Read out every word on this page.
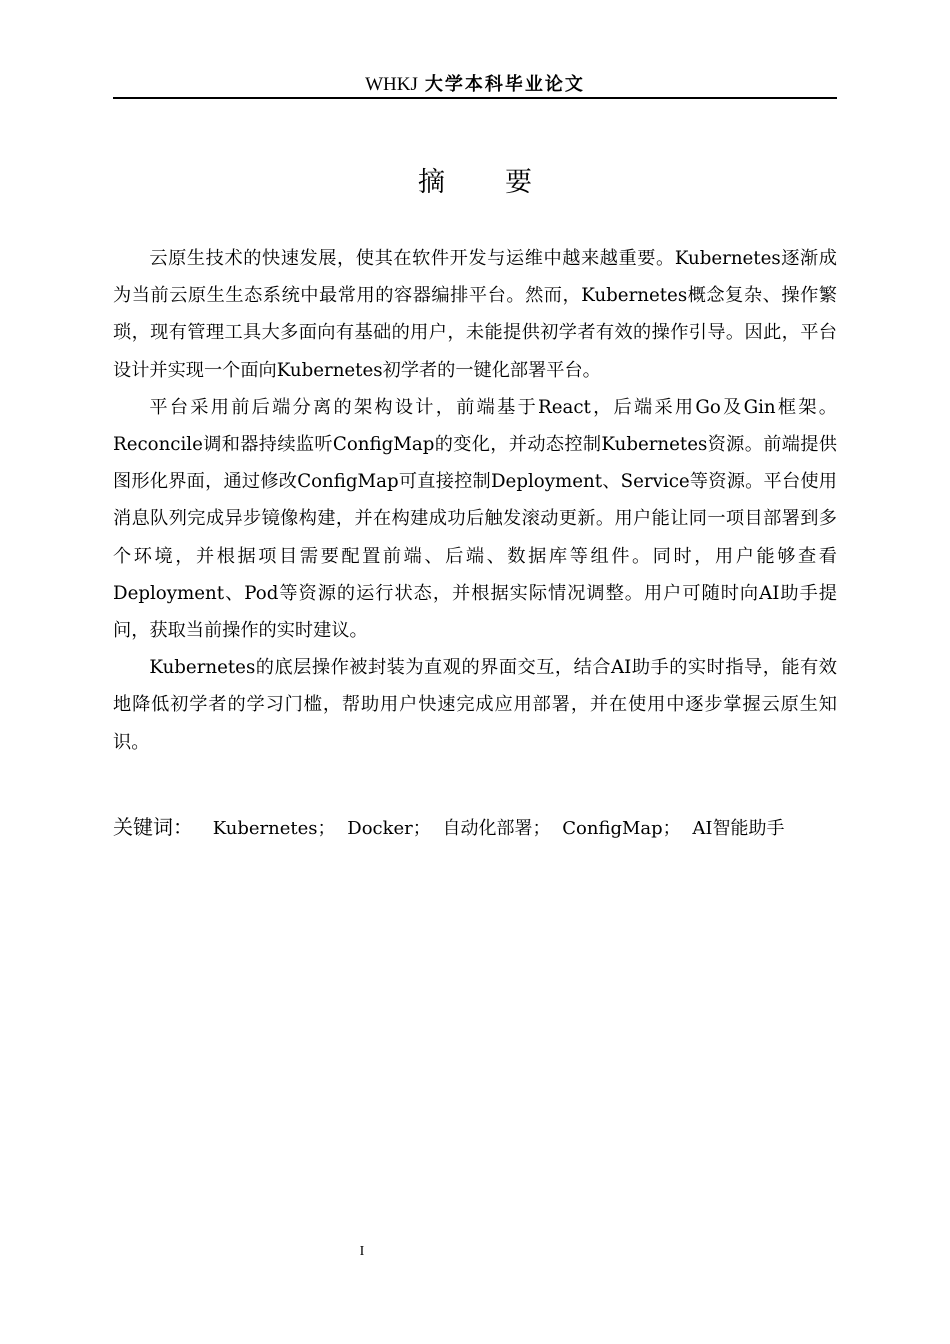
WHKJ 大学本科毕业论文
摘 要

云原生技术的快速发展，使其在软件开发与运维中越来越重要。Kubernetes逐渐成为当前云原生生态系统中最常用的容器编排平台。然而，Kubernetes概念复杂、操作繁琐，现有管理工具大多面向有基础的用户，未能提供初学者有效的操作引导。因此，平台设计并实现一个面向Kubernetes初学者的一键化部署平台。

平台采用前后端分离的架构设计，前端基于React，后端采用Go及Gin框架。Reconcile调和器持续监听ConfigMap的变化，并动态控制Kubernetes资源。前端提供图形化界面，通过修改ConfigMap可直接控制Deployment、Service等资源。平台使用消息队列完成异步镜像构建，并在构建成功后触发滚动更新。用户能让同一项目部署到多个环境，并根据项目需要配置前端、后端、数据库等组件。同时，用户能够查看Deployment、Pod等资源的运行状态，并根据实际情况调整。用户可随时向AI助手提问，获取当前操作的实时建议。

Kubernetes的底层操作被封装为直观的界面交互，结合AI助手的实时指导，能有效地降低初学者的学习门槛，帮助用户快速完成应用部署，并在使用中逐步掌握云原生知识。

关键词： Kubernetes； Docker； 自动化部署； ConfigMap； AI智能助手
I
